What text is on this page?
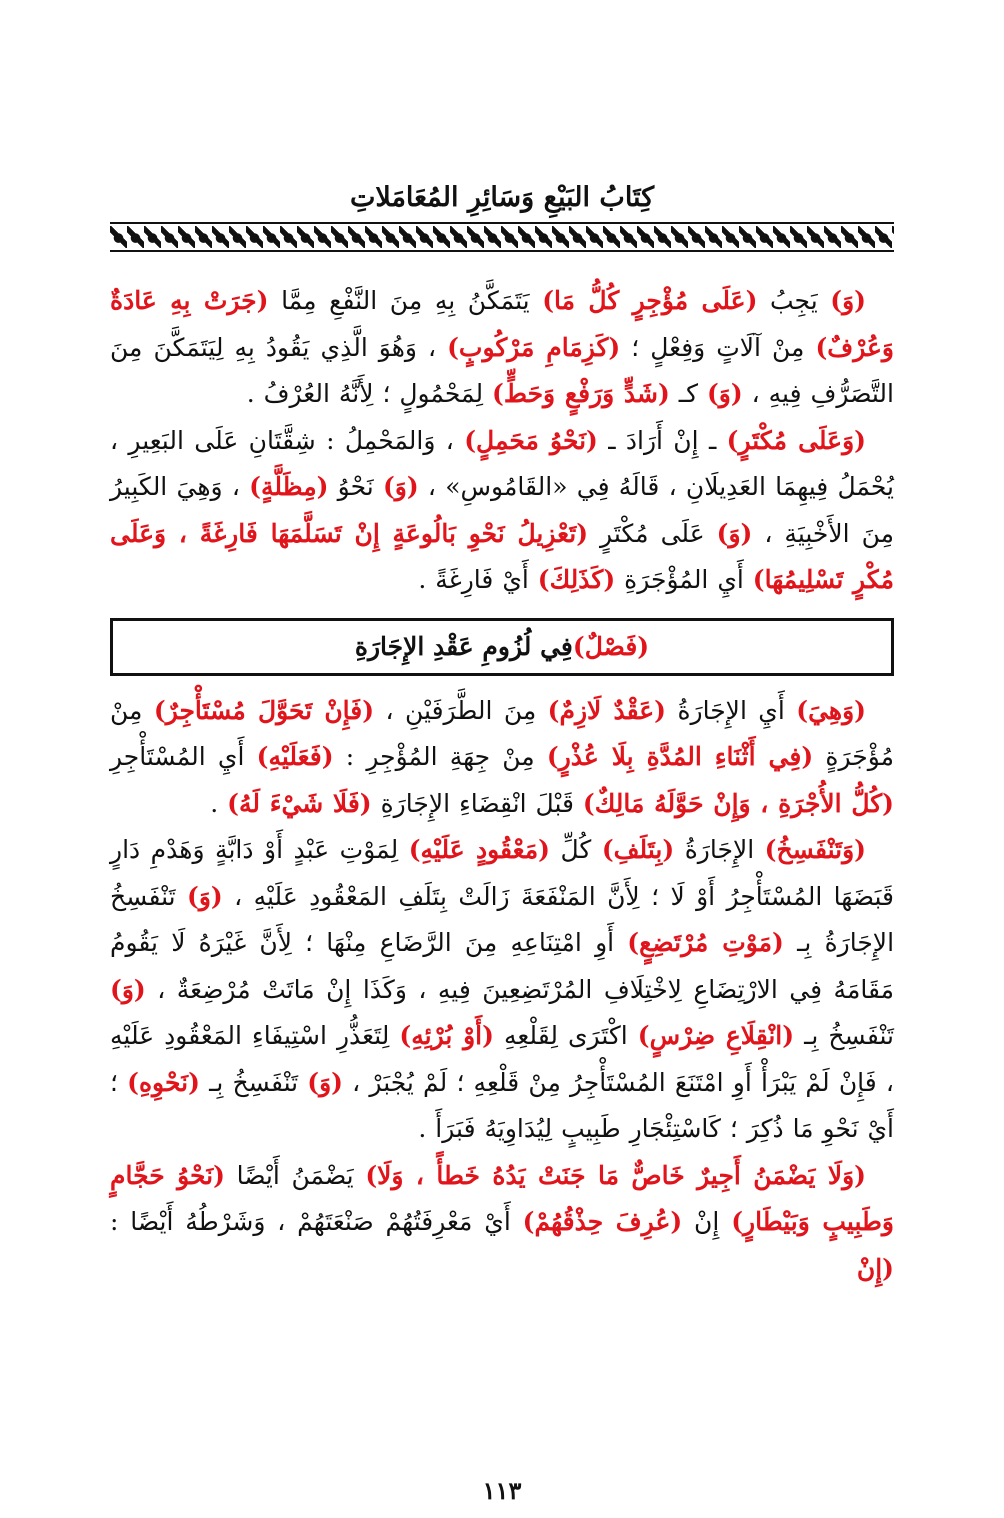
كِتَابُ البَيْعِ وَسَائِرِ المُعَامَلاتِ

(وَ) يَجِبُ (عَلَى مُؤْجِرٍ كُلُّ مَا) يَتَمَكَّنُ بِهِ مِنَ النَّفْعِ مِمَّا (جَرَتْ بِهِ عَادَةٌ وَعُرْفٌ) مِنْ آلَاتٍ وَفِعْلٍ ؛ (كَزِمَامِ مَرْكُوبٍ) ، وَهُوَ الَّذِي يَقُودُ بِهِ لِيَتَمَكَّنَ مِنَ التَّصَرُّفِ فِيهِ ، (وَ) كـ (شَدٍّ وَرَفْعٍ وَحَطٍّ) لِمَحْمُولٍ ؛ لِأَنَّهُ العُرْفُ .

(وَعَلَى مُكْتَرٍ) ـ إِنْ أَرَادَ ـ (نَحْوُ مَحَمِلٍ) ، وَالمَحْمِلُ : شِقَّتَانِ عَلَى البَعِيرِ ، يُحْمَلُ فِيهِمَا العَدِيلَانِ ، قَالَهُ فِي «القَامُوسِ» ، (وَ) نَحْوُ (مِظَلَّةٍ) ، وَهِيَ الكَبِيرُ مِنَ الأَخْبِيَةِ ، (وَ) عَلَى مُكْتَرٍ (تَعْزِيلُ نَحْوِ بَالُوعَةٍ إِنْ تَسَلَّمَهَا فَارِغَةً ، وَعَلَى مُكْرٍ تَسْلِيمُهَا) أَيِ المُؤْجَرَةِ (كَذَلِكَ) أَيْ فَارِغَةً .

(فَصْلٌ)
فِي لُزُومِ عَقْدِ الإِجَارَةِ

(وَهِيَ) أَيِ الإِجَارَةُ (عَقْدٌ لَازِمٌ) مِنَ الطَّرَفَيْنِ ، (فَإِنْ تَحَوَّلَ مُسْتَأْجِرٌ) مِنْ مُؤْجَرَةٍ (فِي أَثْنَاءِ المُدَّةِ بِلَا عُذْرٍ) مِنْ جِهَةِ المُؤْجِرِ : (فَعَلَيْهِ) أَيِ المُسْتَأْجِرِ (كُلُّ الأُجْرَةِ ، وَإِنْ حَوَّلَهُ مَالِكٌ) قَبْلَ انْقِضَاءِ الإِجَارَةِ (فَلَا شَيْءَ لَهُ) .

(وَتَنْفَسِخُ) الإِجَارَةُ (بِتَلَفِ) كُلِّ (مَعْقُودٍ عَلَيْهِ) لِمَوْتِ عَبْدٍ أَوْ دَابَّةٍ وَهَدْمِ دَارٍ قَبَضَهَا المُسْتَأْجِرُ أَوْ لَا ؛ لِأَنَّ المَنْفَعَةَ زَالَتْ بِتَلَفِ المَعْقُودِ عَلَيْهِ ، (وَ) تَنْفَسِخُ الإِجَارَةُ بِـ (مَوْتِ مُرْتَضِعٍ) أَوِ امْتِنَاعِهِ مِنَ الرَّضَاعِ مِنْهَا ؛ لِأَنَّ غَيْرَهُ لَا يَقُومُ مَقَامَهُ فِي الارْتِضَاعِ لِاخْتِلَافِ المُرْتَضِعِينَ فِيهِ ، وَكَذَا إِنْ مَاتَتْ مُرْضِعَةٌ ، (وَ) تَنْفَسِخُ بِـ (انْقِلَاعِ ضِرْسٍ) اكْتَرَى لِقَلْعِهِ (أَوْ بُرْئِهِ) لِتَعَذُّرِ اسْتِيفَاءِ المَعْقُودِ عَلَيْهِ ، فَإِنْ لَمْ يَبْرَأْ أَوِ امْتَنَعَ المُسْتَأْجِرُ مِنْ قَلْعِهِ ؛ لَمْ يُجْبَرْ ، (وَ) تَنْفَسِخُ بِـ (نَحْوِهِ) ؛ أَيْ نَحْوِ مَا ذُكِرَ ؛ كَاسْتِئْجَارِ طَبِيبٍ لِيُدَاوِيَهُ فَبَرَأَ .

(وَلَا يَضْمَنُ أَجِيرٌ خَاصٌّ مَا جَنَتْ يَدُهُ خَطأً ، وَلَا) يَضْمَنُ أَيْضًا (نَحْوُ حَجَّامٍ وَطَبِيبٍ وَبَيْطَارٍ) إِنْ (عُرِفَ حِذْقُهُمْ) أَيْ مَعْرِفَتُهُمْ صَنْعَتَهُمْ ، وَشَرْطُهُ أَيْضًا : (إِنْ

١١٣
